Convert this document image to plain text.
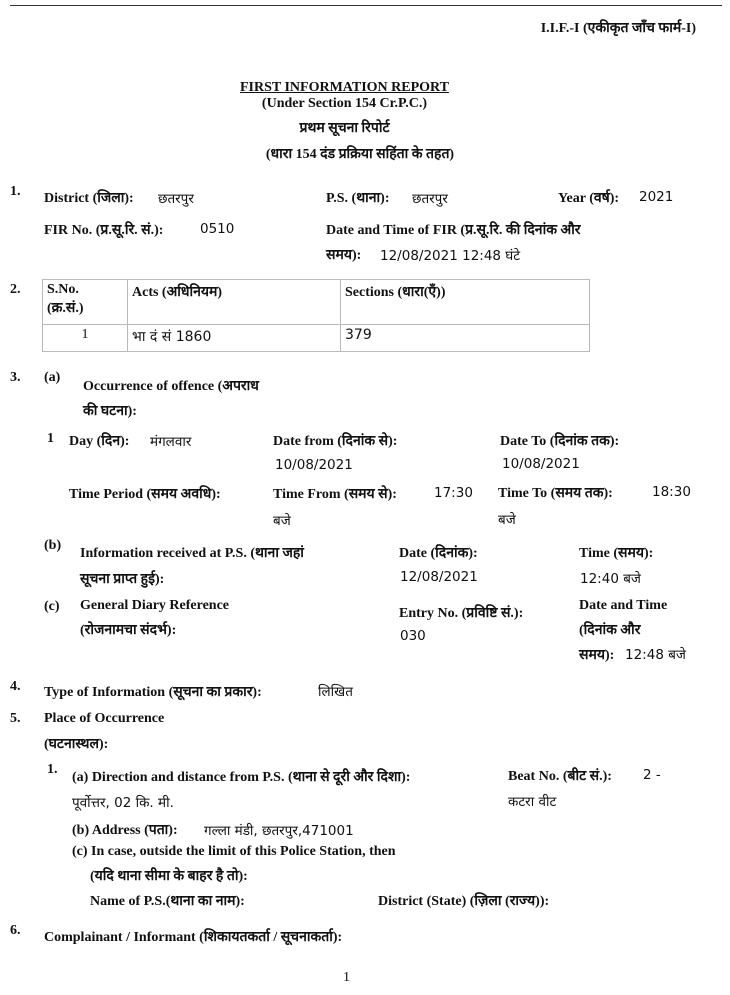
I.I.F.-I (एकीकृत जाँच फार्म-I)
FIRST INFORMATION REPORT
(Under Section 154 Cr.P.C.)
प्रथम सूचना रिपोर्ट
(धारा 154 दंड प्रक्रिया सहिंता के तहत)
1. District (जिला): छतरपुर	P.S. (थाना): छतरपुर	Year (वर्ष): 2021
FIR No. (प्र.सू.रि. सं.):	0510	Date and Time of FIR (प्र.सू.रि. की दिनांक और
समय): 12/08/2021 12:48 घंटे
2. S.No.
(क्र.सं.)	Acts (अधिनियम)	Sections (धारा(एँ))
1	भा दं सं 1860	379
3. (a)
Occurrence of offence (अपराध
की घटना):
1 Day (दिन): मंगलवार	Date from (दिनांक से):
10/08/2021
Date To (दिनांक तक):
10/08/2021
Time Period (समय अवधि):	Time From (समय से):	17:30
बजे
Time To (समय तक):	18:30
बजे
(b)
Information received at P.S. (थाना जहां
सूचना प्राप्त हुई):
Date (दिनांक):
12/08/2021
Time (समय):
12:40 बजे
(c) General Diary Reference
(रोजनामचा संदर्भ):
Entry No. (प्रविष्टि सं.):
030
Date and Time
(दिनांक और
समय): 12:48 बजे
4. Type of Information (सूचना का प्रकार):	लिखित
5. Place of Occurrence
(घटनास्थल):
1.
(a) Direction and distance from P.S. (थाना से दूरी और दिशा):
पूर्वोत्तर, 02 कि. मी.
Beat No. (बीट सं.): 2 -
कटरा वीट
(b) Address (पता): गल्ला मंडी, छतरपुर,471001
(c) In case, outside the limit of this Police Station, then
(यदि थाना सीमा के बाहर है तो):
Name of P.S.(थाना का नाम):	District (State) (ज़िला (राज्य)):
6. Complainant / Informant (शिकायतकर्ता / सूचनाकर्ता):
1
